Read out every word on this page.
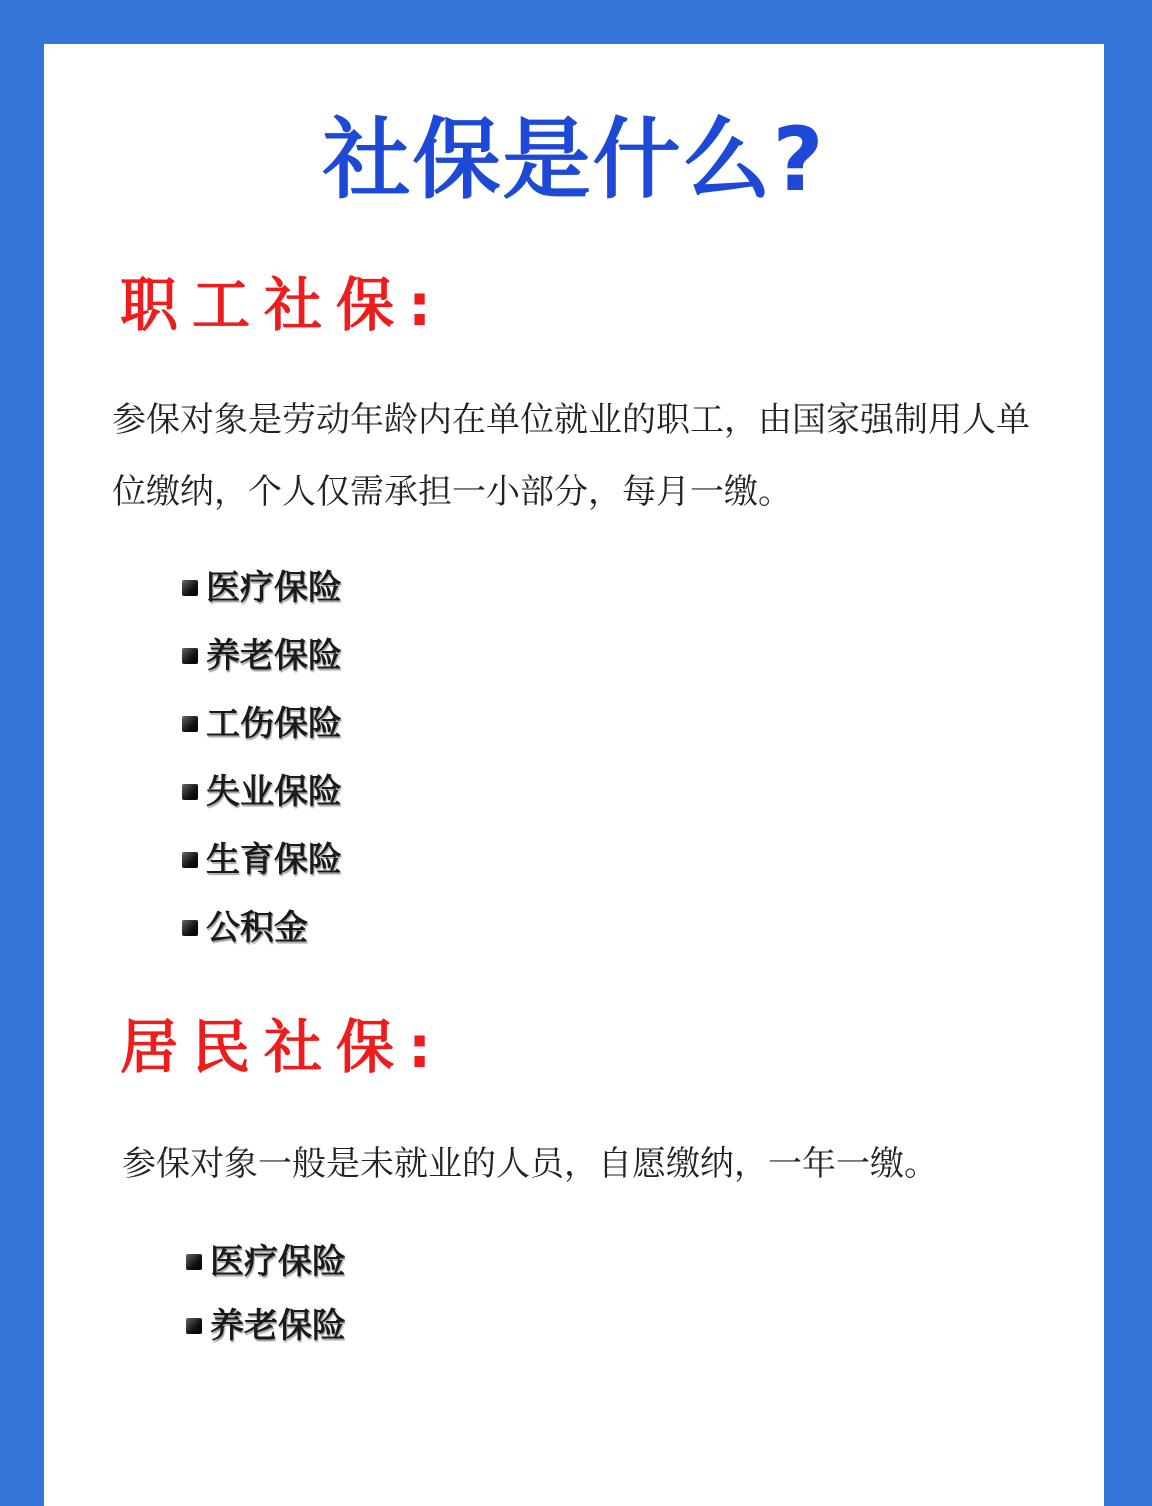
社保是什么?
职工社保:

参保对象是劳动年龄内在单位就业的职工，由国家强制用人单位缴纳，个人仅需承担一小部分，每月一缴。

医疗保险
养老保险
工伤保险
失业保险
生育保险
公积金
居民社保:

参保对象一般是未就业的人员，自愿缴纳，一年一缴。

医疗保险
养老保险
